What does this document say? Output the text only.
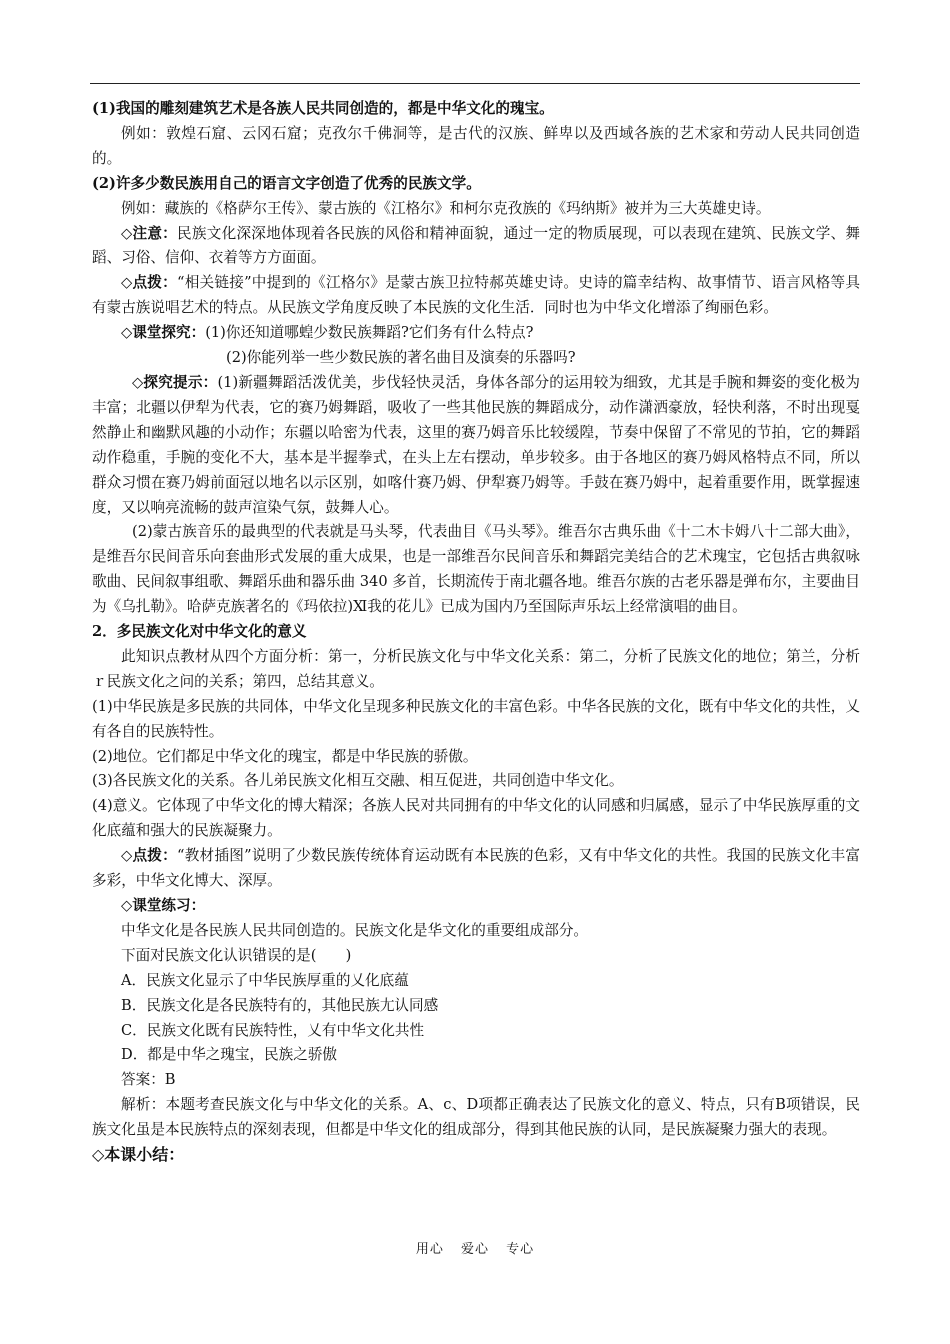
(1)我国的雕刻建筑艺术是各族人民共同创造的，都是中华文化的瑰宝。

例如：敦煌石窟、云冈石窟；克孜尔千佛洞等，是古代的汉族、鲜卑以及西域各族的艺术家和劳动人民共同创造的。

(2)许多少数民族用自己的语言文字创造了优秀的民族文学。

例如：藏族的《格萨尔王传》、蒙古族的《江格尔》和柯尔克孜族的《玛纳斯》被并为三大英雄史诗。

◇注意：民族文化深深地体现着各民族的风俗和精神面貌，通过一定的物质展现，可以表现在建筑、民族文学、舞蹈、习俗、信仰、衣着等方方面面。

◇点拨：“相关链接”中提到的《江格尔》是蒙古族卫拉特郝英雄史诗。史诗的篇幸结构、故事情节、语言风格等具有蒙古族说唱艺术的特点。从民族文学角度反映了本民族的文化生活．同时也为中华文化增添了绚丽色彩。

◇课堂探究：(1)你还知道哪蝗少数民族舞蹈?它们务有什么特点?

(2)你能列举一些少数民族的著名曲目及演奏的乐器吗?

◇探究提示：(1)新疆舞蹈活泼优美，步伐轻快灵活，身体各部分的运用较为细致，尤其是手腕和舞姿的变化极为丰富；北疆以伊犁为代表，它的赛乃姆舞蹈，吸收了一些其他民族的舞蹈成分，动作潇洒豪放，轻快利落，不时出现戛然静止和幽默风趣的小动作；东疆以哈密为代表，这里的赛乃姆音乐比较缓隍，节奏中保留了不常见的节拍，它的舞蹈动作稳重，手腕的变化不大，基本是半握拳式，在头上左右摆动，单步较多。由于各地区的赛乃姆风格特点不同，所以群众习惯在赛乃姆前面冠以地名以示区别，如喀什赛乃姆、伊犁赛乃姆等。手鼓在赛乃姆中，起着重要作用，既掌握速度，又以响亮流畅的鼓声渲染气氛，鼓舞人心。

(2)蒙古族音乐的最典型的代表就是马头琴，代表曲目《马头琴》。维吾尔古典乐曲《十二木卡姆八十二部大曲》，是维吾尔民间音乐向套曲形式发展的重大成果，也是一部维吾尔民间音乐和舞蹈完美结合的艺术瑰宝，它包括古典叙咏歌曲、民间叙事组歌、舞蹈乐曲和器乐曲 340 多首，长期流传于南北疆各地。维吾尔族的古老乐器是弹布尔，主要曲目为《乌扎勒》。哈萨克族著名的《玛依拉)Ⅺ我的花儿》已成为国内乃至国际声乐坛上经常演唱的曲目。

2．多民族文化对中华文化的意义

此知识点教材从四个方面分析：第一，分析民族文化与中华文化关系：第二，分析了民族文化的地位；第兰，分析ｒ民族文化之问的关系；第四，总结其意义。

(1)中华民族是多民族的共同体，中华文化呈现多种民族文化的丰富色彩。中华各民族的文化，既有中华文化的共性，乂有各自的民族特性。

(2)地位。它们都足中华文化的瑰宝，都是中华民族的骄傲。

(3)各民族文化的关系。各儿弟民族文化相互交融、相互促进，共同创造中华文化。

(4)意义。它体现了中华文化的博大精深；各族人民对共同拥有的中华文化的认同感和归属感，显示了中华民族厚重的文化底蕴和强大的民族凝聚力。

◇点拨：“教材插图”说明了少数民族传统体育运动既有本民族的色彩，又有中华文化的共性。我国的民族文化丰富多彩，中华文化博大、深厚。

◇课堂练习：

中华文化是各民族人民共同创造的。民族文化是华文化的重要组成部分。

下面对民族文化认识错误的是(　　)

A．民族文化显示了中华民族厚重的乂化底蕴

B．民族文化是各民族特有的，其他民族尢认同感

C．民族文化既有民族特性，乂有中华文化共性

D．都是中华之瑰宝，民族之骄傲

答案：B

解析：本题考查民族文化与中华文化的关系。A、c、D项都正确表达了民族文化的意义、特点，只有B项错误，民族文化虽是本民族特点的深刻表现，但都是中华文化的组成部分，得到其他民族的认同，是民族凝聚力强大的表现。

◇本课小结：

用心 爱心 专心
